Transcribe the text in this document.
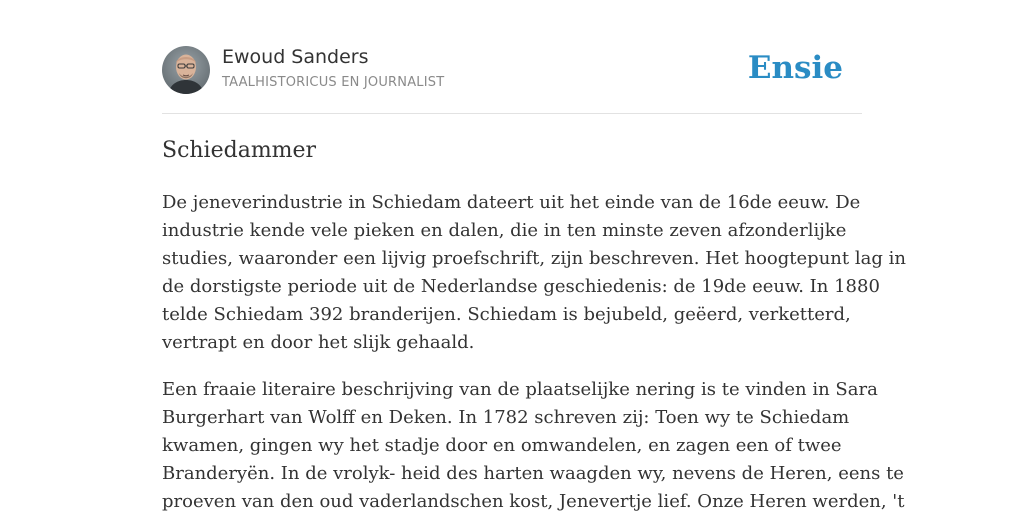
Ewoud Sanders
TAALHISTORICUS EN JOURNALIST	Ensie
Schiedammer

De jeneverindustrie in Schiedam dateert uit het einde van de 16de eeuw. De
industrie kende vele pieken en dalen, die in ten minste zeven afzonderlijke
studies, waaronder een lijvig proefschrift, zijn beschreven. Het hoogtepunt lag in
de dorstigste periode uit de Nederlandse geschiedenis: de 19de eeuw. In 1880
telde Schiedam 392 branderijen. Schiedam is bejubeld, geëerd, verketterd,
vertrapt en door het slijk gehaald.

Een fraaie literaire beschrijving van de plaatselijke nering is te vinden in Sara
Burgerhart van Wolff en Deken. In 1782 schreven zij: Toen wy te Schiedam
kwamen, gingen wy het stadje door en omwandelen, en zagen een of twee
Branderyën. In de vrolyk- heid des harten waagden wy, nevens de Heren, eens te
proeven van den oud vaderlandschen kost, Jenevertje lief. Onze Heren werden, 't
